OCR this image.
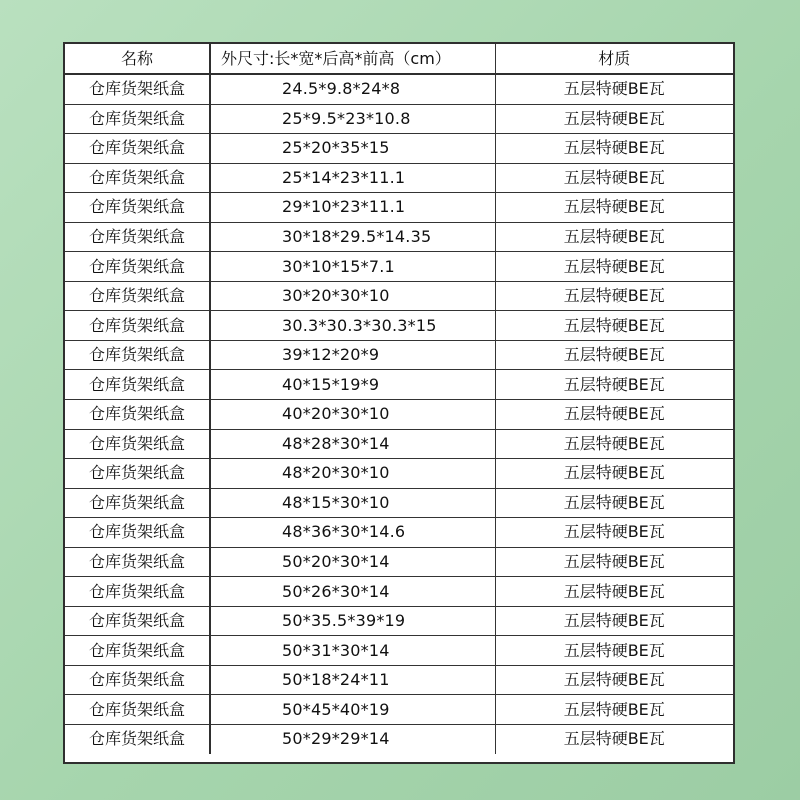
名称	外尺寸:长*宽*后高*前高（cm）	材质
仓库货架纸盒	24.5*9.8*24*8	五层特硬BE瓦
仓库货架纸盒	25*9.5*23*10.8	五层特硬BE瓦
仓库货架纸盒	25*20*35*15	五层特硬BE瓦
仓库货架纸盒	25*14*23*11.1	五层特硬BE瓦
仓库货架纸盒	29*10*23*11.1	五层特硬BE瓦
仓库货架纸盒	30*18*29.5*14.35	五层特硬BE瓦
仓库货架纸盒	30*10*15*7.1	五层特硬BE瓦
仓库货架纸盒	30*20*30*10	五层特硬BE瓦
仓库货架纸盒	30.3*30.3*30.3*15	五层特硬BE瓦
仓库货架纸盒	39*12*20*9	五层特硬BE瓦
仓库货架纸盒	40*15*19*9	五层特硬BE瓦
仓库货架纸盒	40*20*30*10	五层特硬BE瓦
仓库货架纸盒	48*28*30*14	五层特硬BE瓦
仓库货架纸盒	48*20*30*10	五层特硬BE瓦
仓库货架纸盒	48*15*30*10	五层特硬BE瓦
仓库货架纸盒	48*36*30*14.6	五层特硬BE瓦
仓库货架纸盒	50*20*30*14	五层特硬BE瓦
仓库货架纸盒	50*26*30*14	五层特硬BE瓦
仓库货架纸盒	50*35.5*39*19	五层特硬BE瓦
仓库货架纸盒	50*31*30*14	五层特硬BE瓦
仓库货架纸盒	50*18*24*11	五层特硬BE瓦
仓库货架纸盒	50*45*40*19	五层特硬BE瓦
仓库货架纸盒	50*29*29*14	五层特硬BE瓦
